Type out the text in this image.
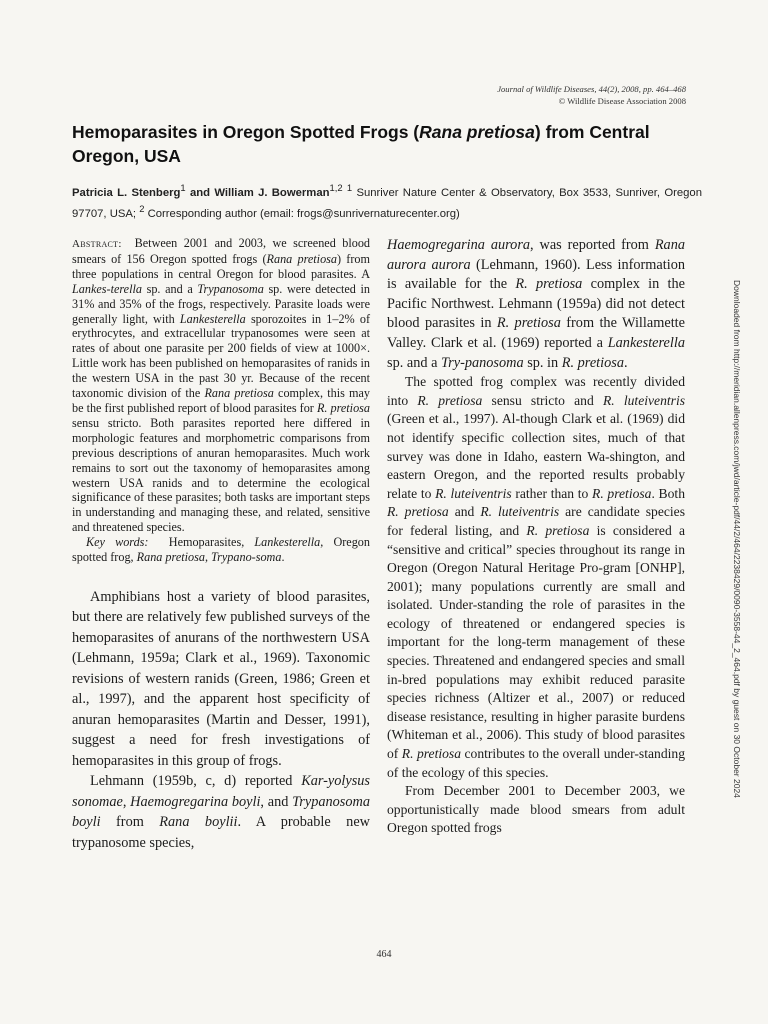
Journal of Wildlife Diseases, 44(2), 2008, pp. 464–468
© Wildlife Disease Association 2008
Hemoparasites in Oregon Spotted Frogs (Rana pretiosa) from Central Oregon, USA
Patricia L. Stenberg$^1$ and William J. Bowerman$^{1,2}$ $^1$ Sunriver Nature Center & Observatory, Box 3533, Sunriver, Oregon 97707, USA; $^2$ Corresponding author (email: frogs@sunrivernaturecenter.org)

Abstract: Between 2001 and 2003, we screened blood smears of 156 Oregon spotted frogs (Rana pretiosa) from three populations in central Oregon for blood parasites. A Lankes-terella sp. and a Trypanosoma sp. were detected in 31% and 35% of the frogs, respectively. Parasite loads were generally light, with Lankesterella sporozoites in 1–2% of erythrocytes, and extracellular trypanosomes were seen at rates of about one parasite per 200 fields of view at 1000×. Little work has been published on hemoparasites of ranids in the western USA in the past 30 yr. Because of the recent taxonomic division of the Rana pretiosa complex, this may be the first published report of blood parasites for R. pretiosa sensu stricto. Both parasites reported here differed in morphologic features and morphometric comparisons from previous descriptions of anuran hemoparasites. Much work remains to sort out the taxonomy of hemoparasites among western USA ranids and to determine the ecological significance of these parasites; both tasks are important steps in understanding and managing these, and related, sensitive and threatened species.

Key words: Hemoparasites, Lankesterella, Oregon spotted frog, Rana pretiosa, Trypano-soma.

Amphibians host a variety of blood parasites, but there are relatively few published surveys of the hemoparasites of anurans of the northwestern USA (Lehmann, 1959a; Clark et al., 1969). Taxonomic revisions of western ranids (Green, 1986; Green et al., 1997), and the apparent host specificity of anuran hemoparasites (Martin and Desser, 1991), suggest a need for fresh investigations of hemoparasites in this group of frogs.

Lehmann (1959b, c, d) reported Kar-yolysus sonomae, Haemogregarina boyli, and Trypanosoma boyli from Rana boylii. A probable new trypanosome species,

Haemogregarina aurora, was reported from Rana aurora aurora (Lehmann, 1960). Less information is available for the R. pretiosa complex in the Pacific Northwest. Lehmann (1959a) did not detect blood parasites in R. pretiosa from the Willamette Valley. Clark et al. (1969) reported a Lankesterella sp. and a Try-panosoma sp. in R. pretiosa.

The spotted frog complex was recently divided into R. pretiosa sensu stricto and R. luteiventris (Green et al., 1997). Al-though Clark et al. (1969) did not identify specific collection sites, much of that survey was done in Idaho, eastern Wa-shington, and eastern Oregon, and the reported results probably relate to R. luteiventris rather than to R. pretiosa. Both R. pretiosa and R. luteiventris are candidate species for federal listing, and R. pretiosa is considered a “sensitive and critical” species throughout its range in Oregon (Oregon Natural Heritage Pro-gram [ONHP], 2001); many populations currently are small and isolated. Under-standing the role of parasites in the ecology of threatened or endangered species is important for the long-term management of these species. Threatened and endangered species and small in-bred populations may exhibit reduced parasite species richness (Altizer et al., 2007) or reduced disease resistance, resulting in higher parasite burdens (Whiteman et al., 2006). This study of blood parasites of R. pretiosa contributes to the overall under-standing of the ecology of this species.

From December 2001 to December 2003, we opportunistically made blood smears from adult Oregon spotted frogs

464
Downloaded from http://meridian.allenpress.com/jwd/article-pdf/44/2/464/2238429/0090-3558-44_2_464.pdf by guest on 30 October 2024
